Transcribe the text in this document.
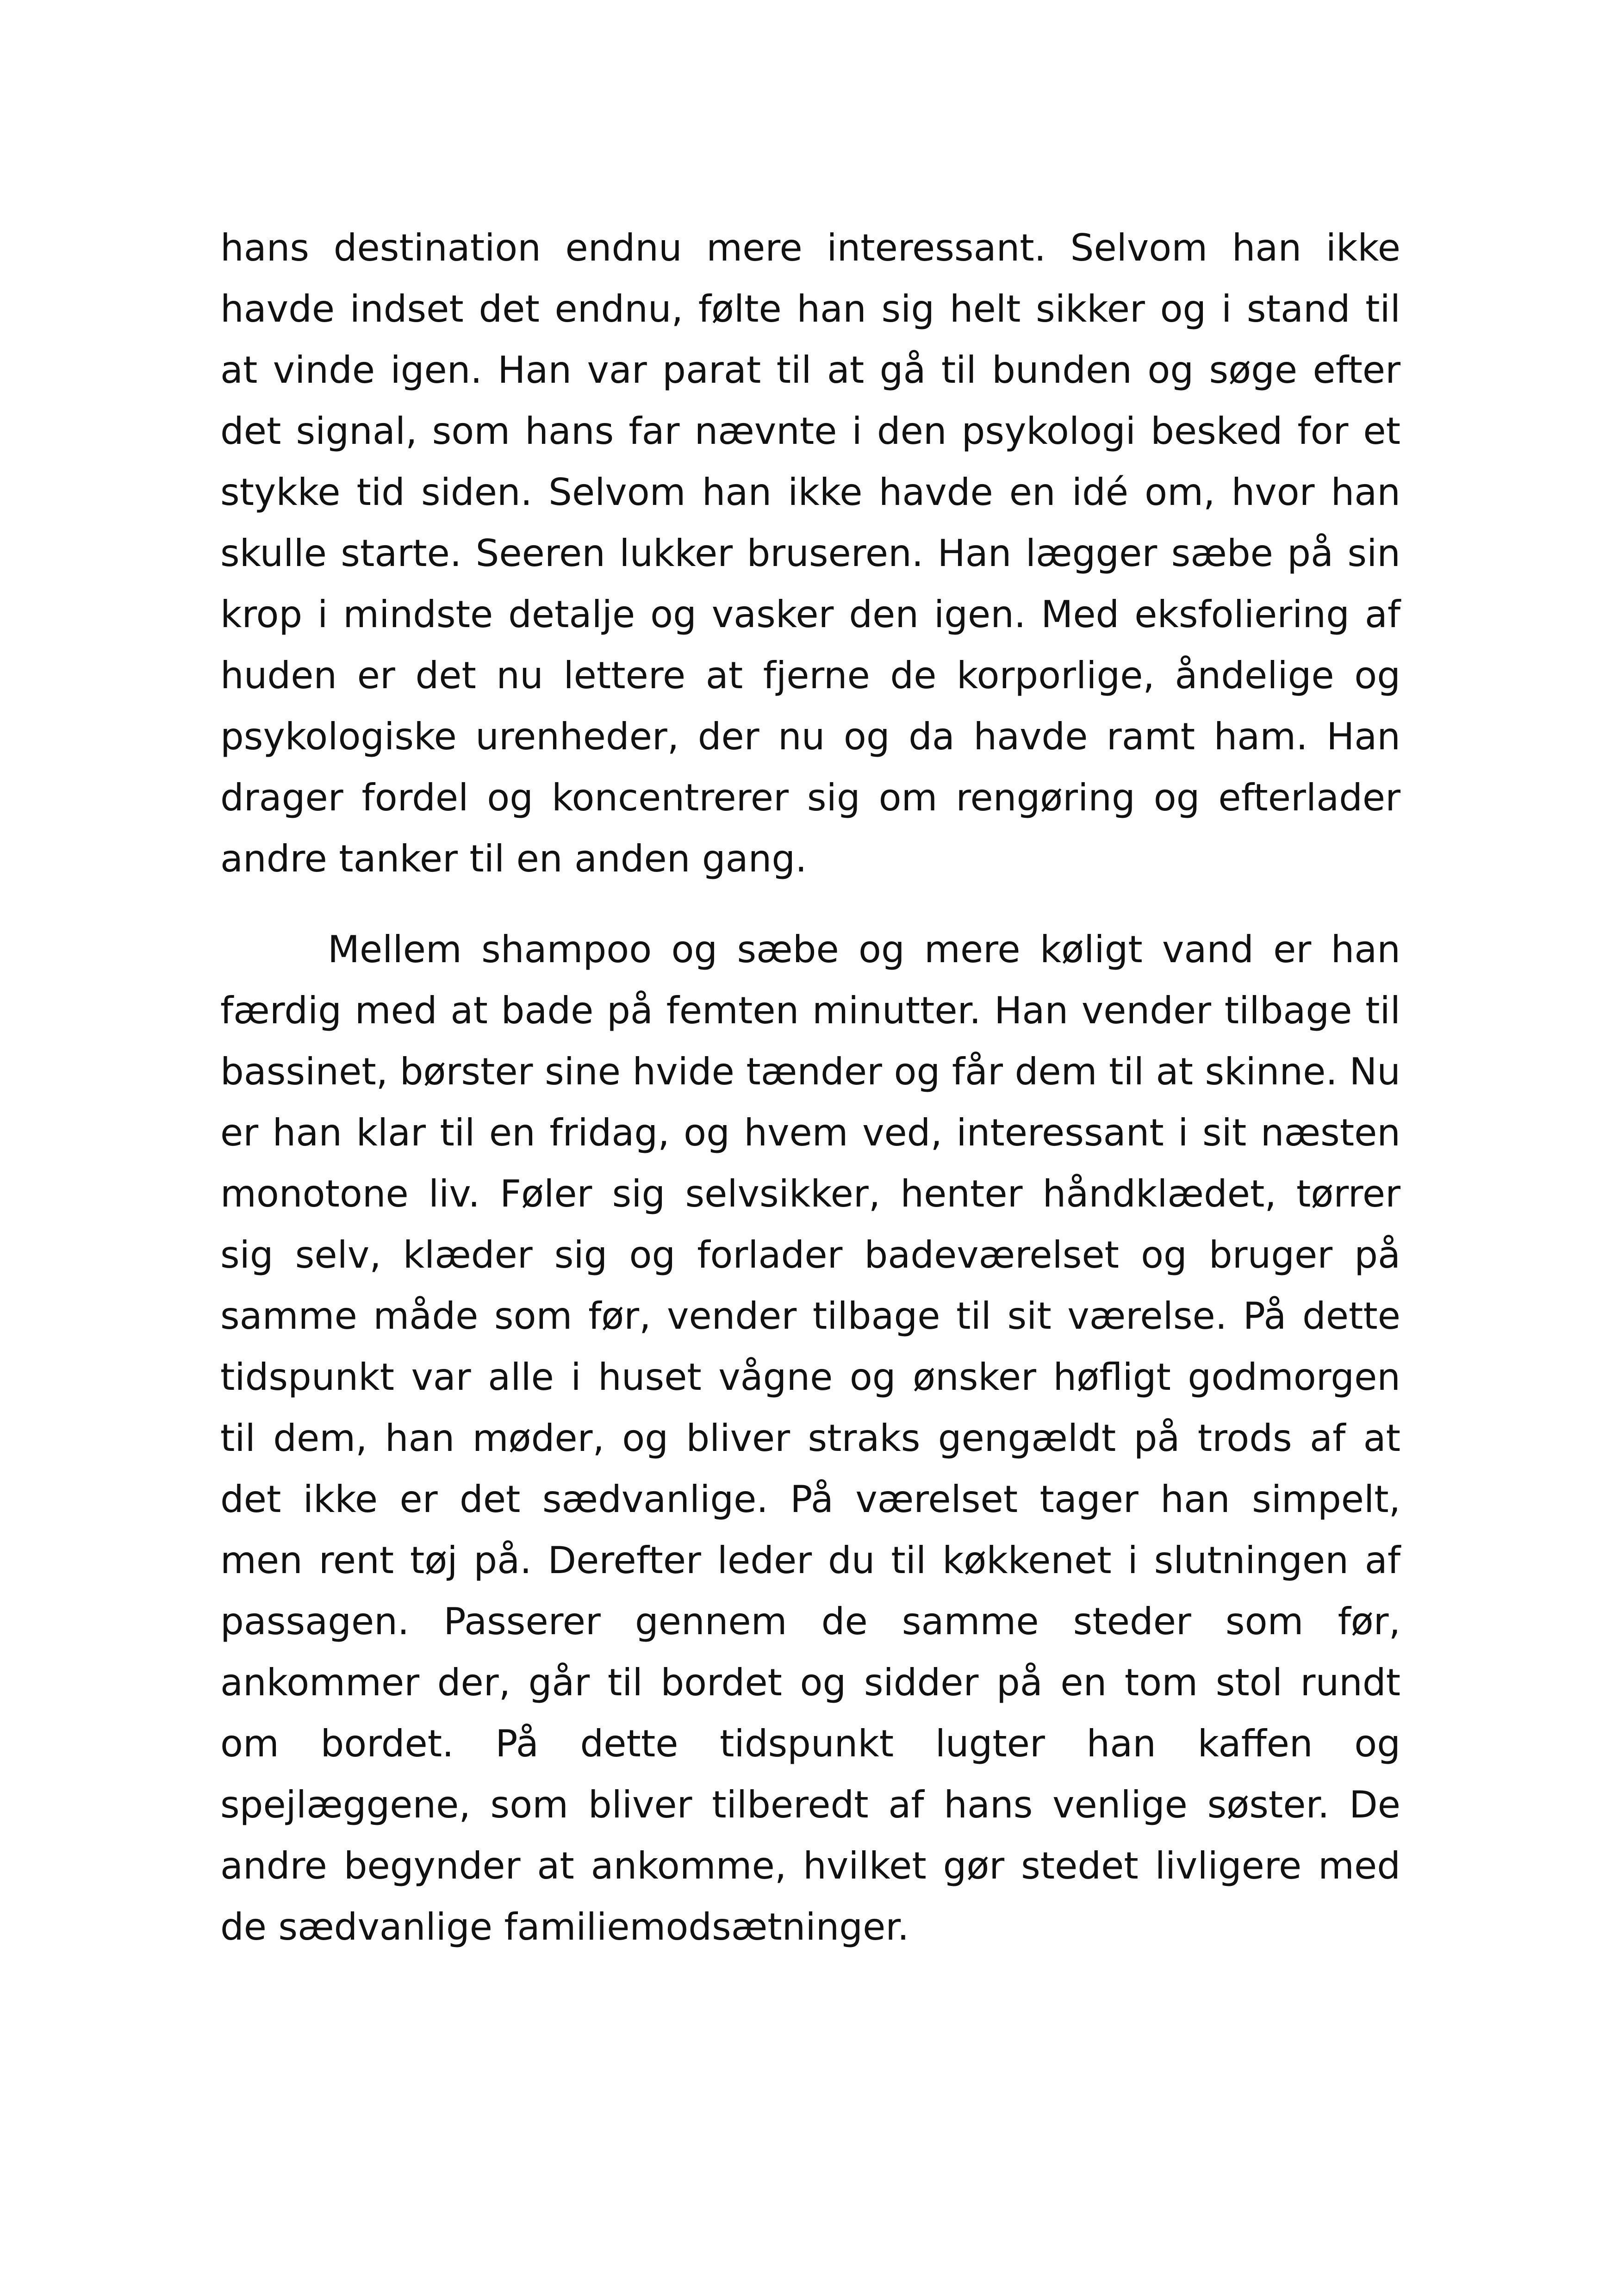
hans destination endnu mere interessant. Selvom han ikke havde indset det endnu, følte han sig helt sikker og i stand til at vinde igen. Han var parat til at gå til bunden og søge efter det signal, som hans far nævnte i den psykologi besked for et stykke tid siden. Selvom han ikke havde en idé om, hvor han skulle starte. Seeren lukker bruseren. Han lægger sæbe på sin krop i mindste detalje og vasker den igen. Med eksfoliering af huden er det nu lettere at fjerne de korporlige, åndelige og psykologiske urenheder, der nu og da havde ramt ham. Han drager fordel og koncentrerer sig om rengøring og efterlader andre tanker til en anden gang.

Mellem shampoo og sæbe og mere køligt vand er han færdig med at bade på femten minutter. Han vender tilbage til bassinet, børster sine hvide tænder og får dem til at skinne. Nu er han klar til en fridag, og hvem ved, interessant i sit næsten monotone liv. Føler sig selvsikker, henter håndklædet, tørrer sig selv, klæder sig og forlader badeværelset og bruger på samme måde som før, vender tilbage til sit værelse. På dette tidspunkt var alle i huset vågne og ønsker høfligt godmorgen til dem, han møder, og bliver straks gengældt på trods af at det ikke er det sædvanlige. På værelset tager han simpelt, men rent tøj på. Derefter leder du til køkkenet i slutningen af passagen. Passerer gennem de samme steder som før, ankommer der, går til bordet og sidder på en tom stol rundt om bordet. På dette tidspunkt lugter han kaffen og spejlæggene, som bliver tilberedt af hans venlige søster. De andre begynder at ankomme, hvilket gør stedet livligere med de sædvanlige familiemodsætninger.
